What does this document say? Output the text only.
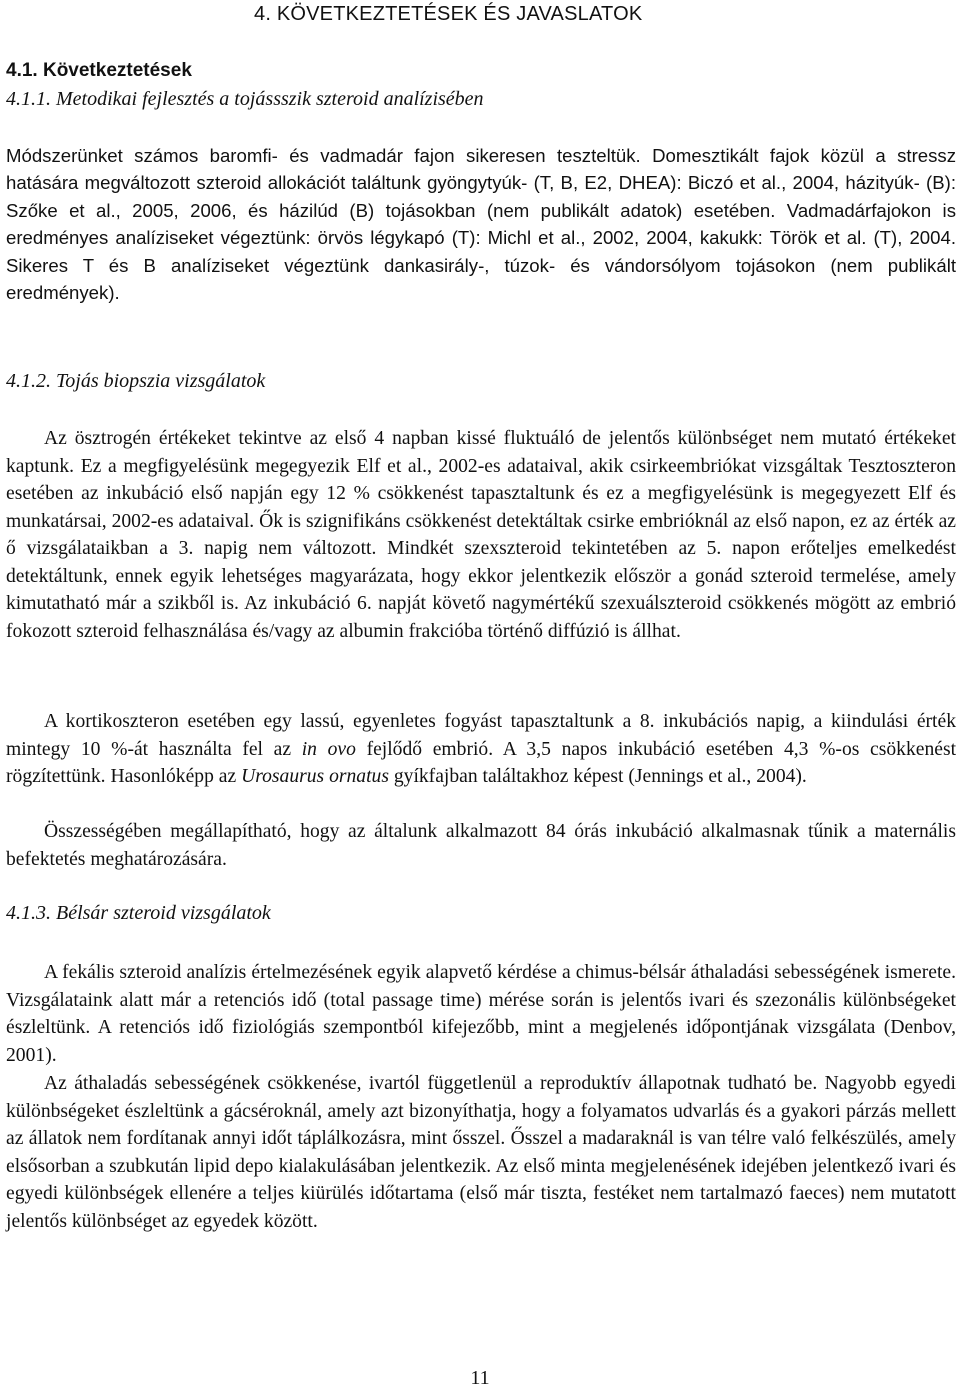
4. KÖVETKEZTETÉSEK ÉS JAVASLATOK
4.1. Következtetések
4.1.1. Metodikai fejlesztés a tojássszik szteroid analízisében

Módszerünket számos baromfi- és vadmadár fajon sikeresen teszteltük. Domesztikált fajok közül a stressz hatására megváltozott szteroid allokációt találtunk gyöngytyúk- (T, B, E2, DHEA): Biczó et al., 2004, házityúk- (B): Szőke et al., 2005, 2006, és házilúd (B) tojásokban (nem publikált adatok) esetében. Vadmadárfajokon is eredményes analíziseket végeztünk: örvös légykapó (T): Michl et al., 2002, 2004, kakukk: Török et al. (T), 2004. Sikeres T és B analíziseket végeztünk dankasirály-, túzok- és vándorsólyom tojásokon (nem publikált eredmények).

4.1.2. Tojás biopszia vizsgálatok

Az ösztrogén értékeket tekintve az első 4 napban kissé fluktuáló de jelentős különbséget nem mutató értékeket kaptunk. Ez a megfigyelésünk megegyezik Elf et al., 2002-es adataival, akik csirkeembriókat vizsgáltak Tesztoszteron esetében az inkubáció első napján egy 12 % csökkenést tapasztaltunk és ez a megfigyelésünk is megegyezett Elf és munkatársai, 2002-es adataival. Ők is szignifikáns csökkenést detektáltak csirke embrióknál az első napon, ez az érték az ő vizsgálataikban a 3. napig nem változott. Mindkét szexszteroid tekintetében az 5. napon erőteljes emelkedést detektáltunk, ennek egyik lehetséges magyarázata, hogy ekkor jelentkezik először a gonád szteroid termelése, amely kimutatható már a szikből is. Az inkubáció 6. napját követő nagymértékű szexuálszteroid csökkenés mögött az embrió fokozott szteroid felhasználása és/vagy az albumin frakcióba történő diffúzió is állhat.

A kortikoszteron esetében egy lassú, egyenletes fogyást tapasztaltunk a 8. inkubációs napig, a kiindulási érték mintegy 10 %-át használta fel az in ovo fejlődő embrió. A 3,5 napos inkubáció esetében 4,3 %-os csökkenést rögzítettünk. Hasonlóképp az Urosaurus ornatus gyíkfajban találtakhoz képest (Jennings et al., 2004).

Összességében megállapítható, hogy az általunk alkalmazott 84 órás inkubáció alkalmasnak tűnik a maternális befektetés meghatározására.

4.1.3. Bélsár szteroid vizsgálatok

A fekális szteroid analízis értelmezésének egyik alapvető kérdése a chimus-bélsár áthaladási sebességének ismerete. Vizsgálataink alatt már a retenciós idő (total passage time) mérése során is jelentős ivari és szezonális különbségeket észleltünk. A retenciós idő fiziológiás szempontból kifejezőbb, mint a megjelenés időpontjának vizsgálata (Denbov, 2001).

Az áthaladás sebességének csökkenése, ivartól függetlenül a reproduktív állapotnak tudható be. Nagyobb egyedi különbségeket észleltünk a gácsérοknál, amely azt bizonyíthatja, hogy a folyamatos udvarlás és a gyakori párzás mellett az állatok nem fordítanak annyi időt táplálkozásra, mint ősszel. Ősszel a madaraknál is van télre való felkészülés, amely elsősorban a szubkután lipid depo kialakulásában jelentkezik. Az első minta megjelenésének idejében jelentkező ivari és egyedi különbségek ellenére a teljes kiürülés időtartama (első már tiszta, festéket nem tartalmazó faeces) nem mutatott jelentős különbséget az egyedek között.

11
